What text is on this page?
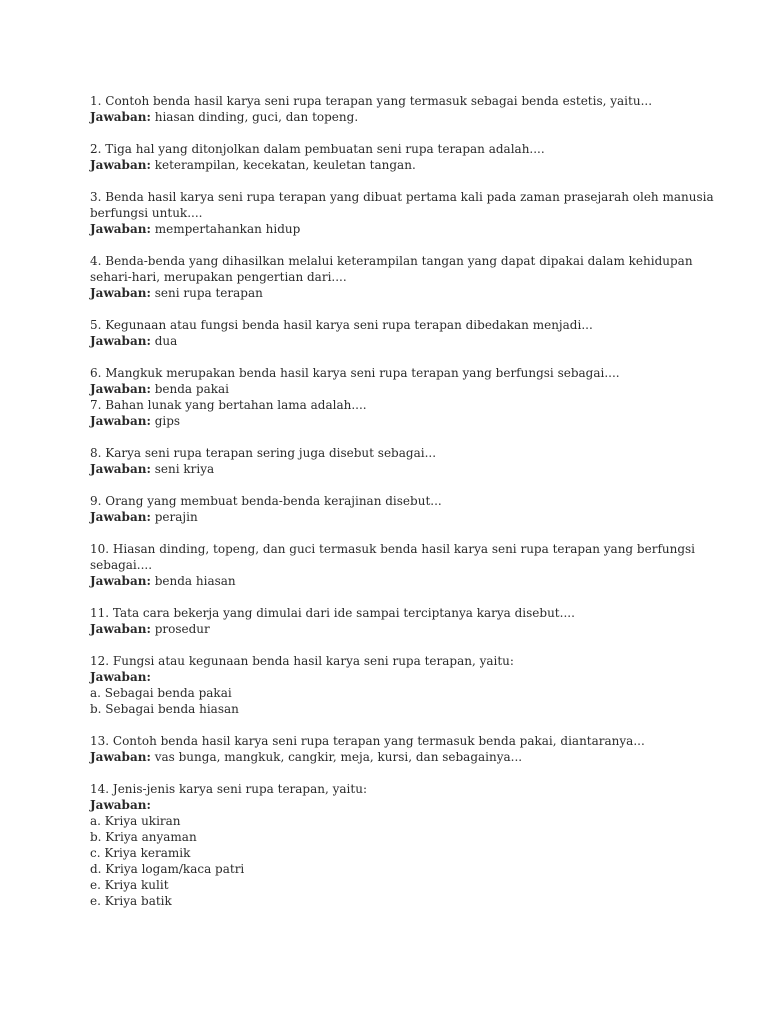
1. Contoh benda hasil karya seni rupa terapan yang termasuk sebagai benda estetis, yaitu...
Jawaban: hiasan dinding, guci, dan topeng.
2. Tiga hal yang ditonjolkan dalam pembuatan seni rupa terapan adalah....
Jawaban: keterampilan, kecekatan, keuletan tangan.
3. Benda hasil karya seni rupa terapan yang dibuat pertama kali pada zaman prasejarah oleh manusia
berfungsi untuk....
Jawaban: mempertahankan hidup
4. Benda-benda yang dihasilkan melalui keterampilan tangan yang dapat dipakai dalam kehidupan
sehari-hari, merupakan pengertian dari....
Jawaban: seni rupa terapan
5. Kegunaan atau fungsi benda hasil karya seni rupa terapan dibedakan menjadi...
Jawaban: dua
6. Mangkuk merupakan benda hasil karya seni rupa terapan yang berfungsi sebagai....
Jawaban: benda pakai
7. Bahan lunak yang bertahan lama adalah....
Jawaban: gips
8. Karya seni rupa terapan sering juga disebut sebagai...
Jawaban: seni kriya
9. Orang yang membuat benda-benda kerajinan disebut...
Jawaban: perajin
10. Hiasan dinding, topeng, dan guci termasuk benda hasil karya seni rupa terapan yang berfungsi
sebagai....
Jawaban: benda hiasan
11. Tata cara bekerja yang dimulai dari ide sampai terciptanya karya disebut....
Jawaban: prosedur
12. Fungsi atau kegunaan benda hasil karya seni rupa terapan, yaitu:
Jawaban:
a. Sebagai benda pakai
b. Sebagai benda hiasan
13. Contoh benda hasil karya seni rupa terapan yang termasuk benda pakai, diantaranya...
Jawaban: vas bunga, mangkuk, cangkir, meja, kursi, dan sebagainya...
14. Jenis-jenis karya seni rupa terapan, yaitu:
Jawaban:
a. Kriya ukiran
b. Kriya anyaman
c. Kriya keramik
d. Kriya logam/kaca patri
e. Kriya kulit
e. Kriya batik
